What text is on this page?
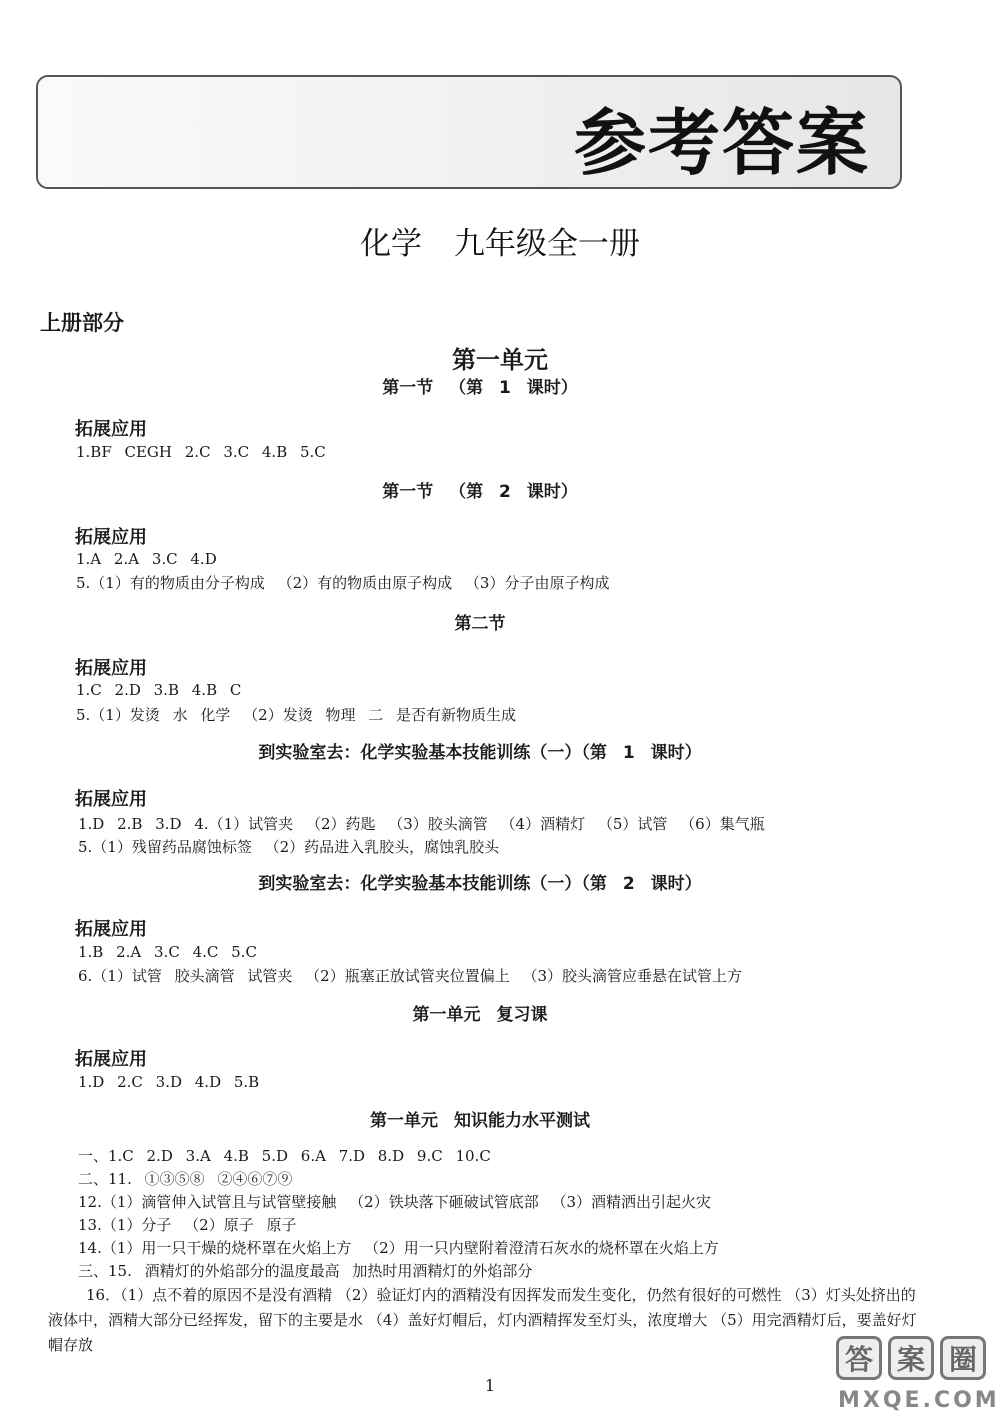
参考答案
化学 九年级全一册
上册部分
第一单元
第一节 （第 1 课时）
拓展应用
1.BF CEGH 2.C 3.C 4.B 5.C
第一节 （第 2 课时）
拓展应用
1.A 2.A 3.C 4.D
5.（1）有的物质由分子构成 （2）有的物质由原子构成 （3）分子由原子构成
第二节
拓展应用
1.C 2.D 3.B 4.B C
5.（1）发烫 水 化学 （2）发烫 物理 二 是否有新物质生成
到实验室去：化学实验基本技能训练（一）（第 1 课时）
拓展应用
1.D 2.B 3.D 4.（1）试管夹 （2）药匙 （3）胶头滴管 （4）酒精灯 （5）试管 （6）集气瓶
5.（1）残留药品腐蚀标签 （2）药品进入乳胶头，腐蚀乳胶头
到实验室去：化学实验基本技能训练（一）（第 2 课时）
拓展应用
1.B 2.A 3.C 4.C 5.C
6.（1）试管 胶头滴管 试管夹 （2）瓶塞正放试管夹位置偏上 （3）胶头滴管应垂悬在试管上方
第一单元 复习课
拓展应用
1.D 2.C 3.D 4.D 5.B
第一单元 知识能力水平测试
一、1.C 2.D 3.A 4.B 5.D 6.A 7.D 8.D 9.C 10.C
二、11. ①③⑤⑧ ②④⑥⑦⑨
12.（1）滴管伸入试管且与试管壁接触 （2）铁块落下砸破试管底部 （3）酒精洒出引起火灾
13.（1）分子 （2）原子 原子
14.（1）用一只干燥的烧杯罩在火焰上方 （2）用一只内壁附着澄清石灰水的烧杯罩在火焰上方
三、15. 酒精灯的外焰部分的温度最高 加热时用酒精灯的外焰部分
16．（1）点不着的原因不是没有酒精 （2）验证灯内的酒精没有因挥发而发生变化，仍然有很好的可燃性 （3）灯头处挤出的液体中，酒精大部分已经挥发，留下的主要是水 （4）盖好灯帽后，灯内酒精挥发至灯头，浓度增大 （5）用完酒精灯后，要盖好灯帽存放
1
答 案 圈
MXQE.COM
